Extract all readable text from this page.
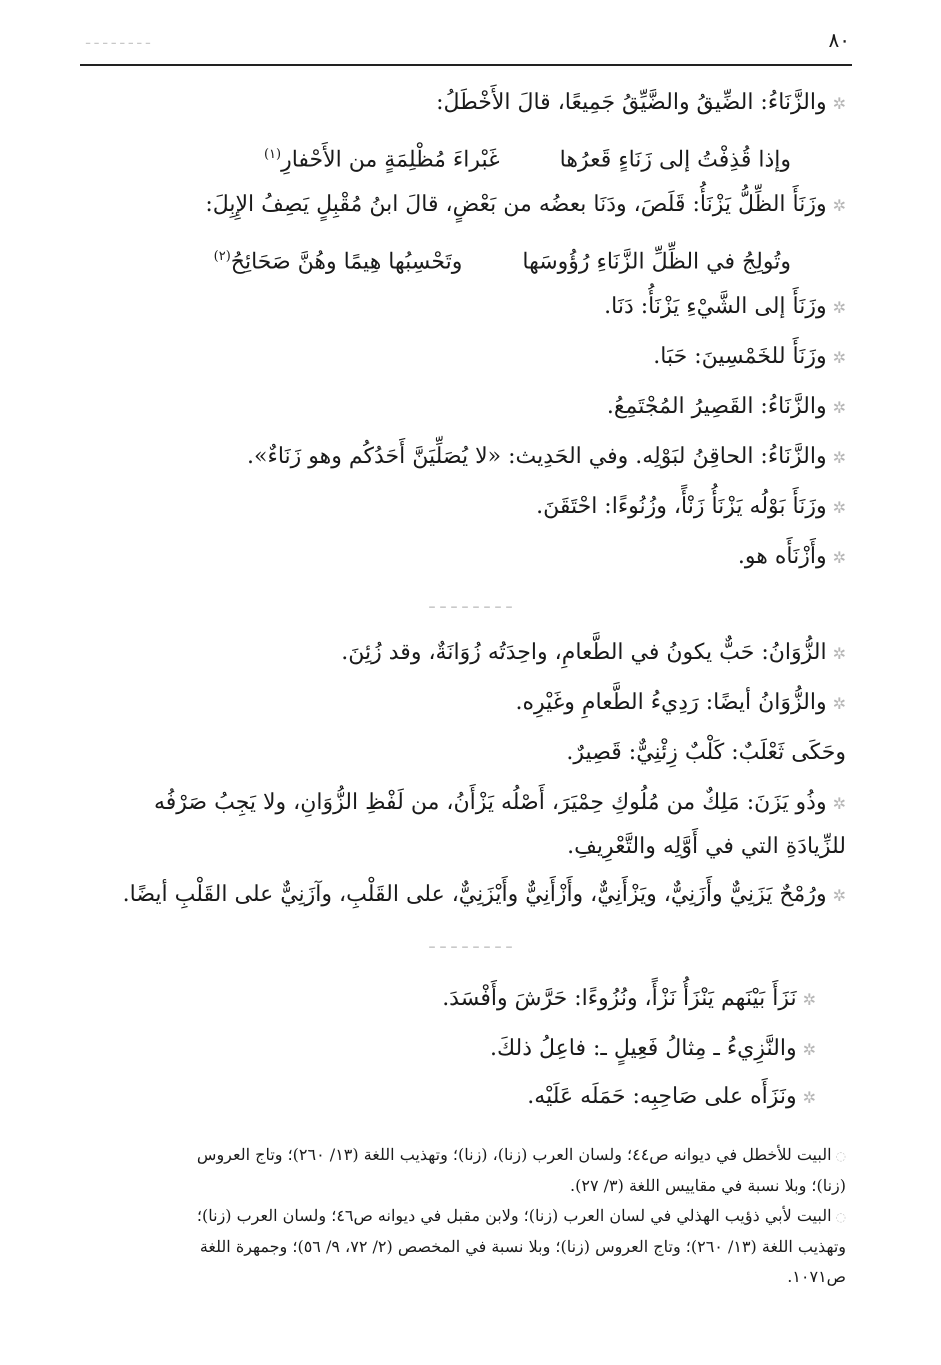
ـ ـ ـ ـ ـ ـ ـ ـ	٨٠
✲والزَّنَاءُ: الضِّيقُ والضَّيِّقُ جَمِيعًا، قالَ الأَخْطَلُ:
وإذا قُذِفْتُ إلى زَنَاءٍ قَعرُهاغَبْراءَ مُظْلِمَةٍ من الأَحْفارِ$^{(١)}$
✲وزَنَأَ الظِّلُّ يَزْنَأُ: قَلَصَ، ودَنَا بعضُه من بَعْضٍ، قالَ ابنُ مُقْبِلٍ يَصِفُ الإِبِلَ:
وتُولِجُ في الظِّلِّ الزَّنَاءِ رُؤُوسَهاوتَحْسِبُها هِيمًا وهُنَّ صَحَائِحُ$^{(٢)}$
✲وزَنَأَ إلى الشَّيْءِ يَزْنَأُ: دَنَا.
✲وزَنَأَ للخَمْسِينَ: حَبَا.
✲والزَّنَاءُ: القَصِيرُ المُجْتَمِعُ.
✲والزَّنَاءُ: الحاقِنُ لبَوْلِه. وفي الحَدِيث: «لا يُصَلِّيَنَّ أَحَدُكُم وهو زَنَاءٌ».
✲وزَنَأَ بَوْلُه يَزْنَأُ زَنْأً، وزُنُوءًا: احْتَقَنَ.
✲وأَزْنَأَه هو.
ـ ـ ـ ـ ـ ـ ـ ـ
✲الزُّوَانُ: حَبٌّ يكونُ في الطَّعامِ، واحِدَتُه زُوَانَةٌ، وقد زُئِنَ.
✲والزُّوَانُ أيضًا: رَدِيءُ الطَّعامِ وغَيْرِه.
وحَكَى ثَعْلَبٌ: كَلْبٌ زِئْنِيٌّ: قَصِيرٌ.
✲وذُو يَزَنَ: مَلِكٌ من مُلُوكِ حِمْيَرَ، أَصْلُه يَزْأَنُ، من لَفْظِ الزُّوَانِ، ولا يَجِبُ صَرْفُه
للزِّيادَةِ التي في أَوَّلِه والتَّعْرِيفِ.
✲ورُمْحٌ يَزَنِيٌّ وأَزَنِيٌّ، ويَزْأَنِيٌّ، وأَزْأَنِيٌّ وأَيْزَنِيٌّ، على القَلْبِ، وآزَنِيٌّ على القَلْبِ أيضًا.
ـ ـ ـ ـ ـ ـ ـ ـ
✲نَزَأَ بَيْنَهم يَنْزَأُ نَزْأً، ونُزُوءًا: حَرَّشَ وأَفْسَدَ.
✲والنَّزِيءُ ـ مِثالُ فَعِيلٍ ـ: فاعِلُ ذلكَ.
✲ونَزَأَه على صَاحِبِه: حَمَلَه عَلَيْه.
◌البيت للأخطل في ديوانه ص٤٤؛ ولسان العرب (زنا)، (زنا)؛ وتهذيب اللغة (١٣/ ٢٦٠)؛ وتاج العروس
(زنا)؛ وبلا نسبة في مقاييس اللغة (٣/ ٢٧).
◌البيت لأبي ذؤيب الهذلي في لسان العرب (زنا)؛ ولابن مقبل في ديوانه ص٤٦؛ ولسان العرب (زنا)؛
وتهذيب اللغة (١٣/ ٢٦٠)؛ وتاج العروس (زنا)؛ وبلا نسبة في المخصص (٢/ ٧٢، ٩/ ٥٦)؛ وجمهرة اللغة
ص١٠٧١.
